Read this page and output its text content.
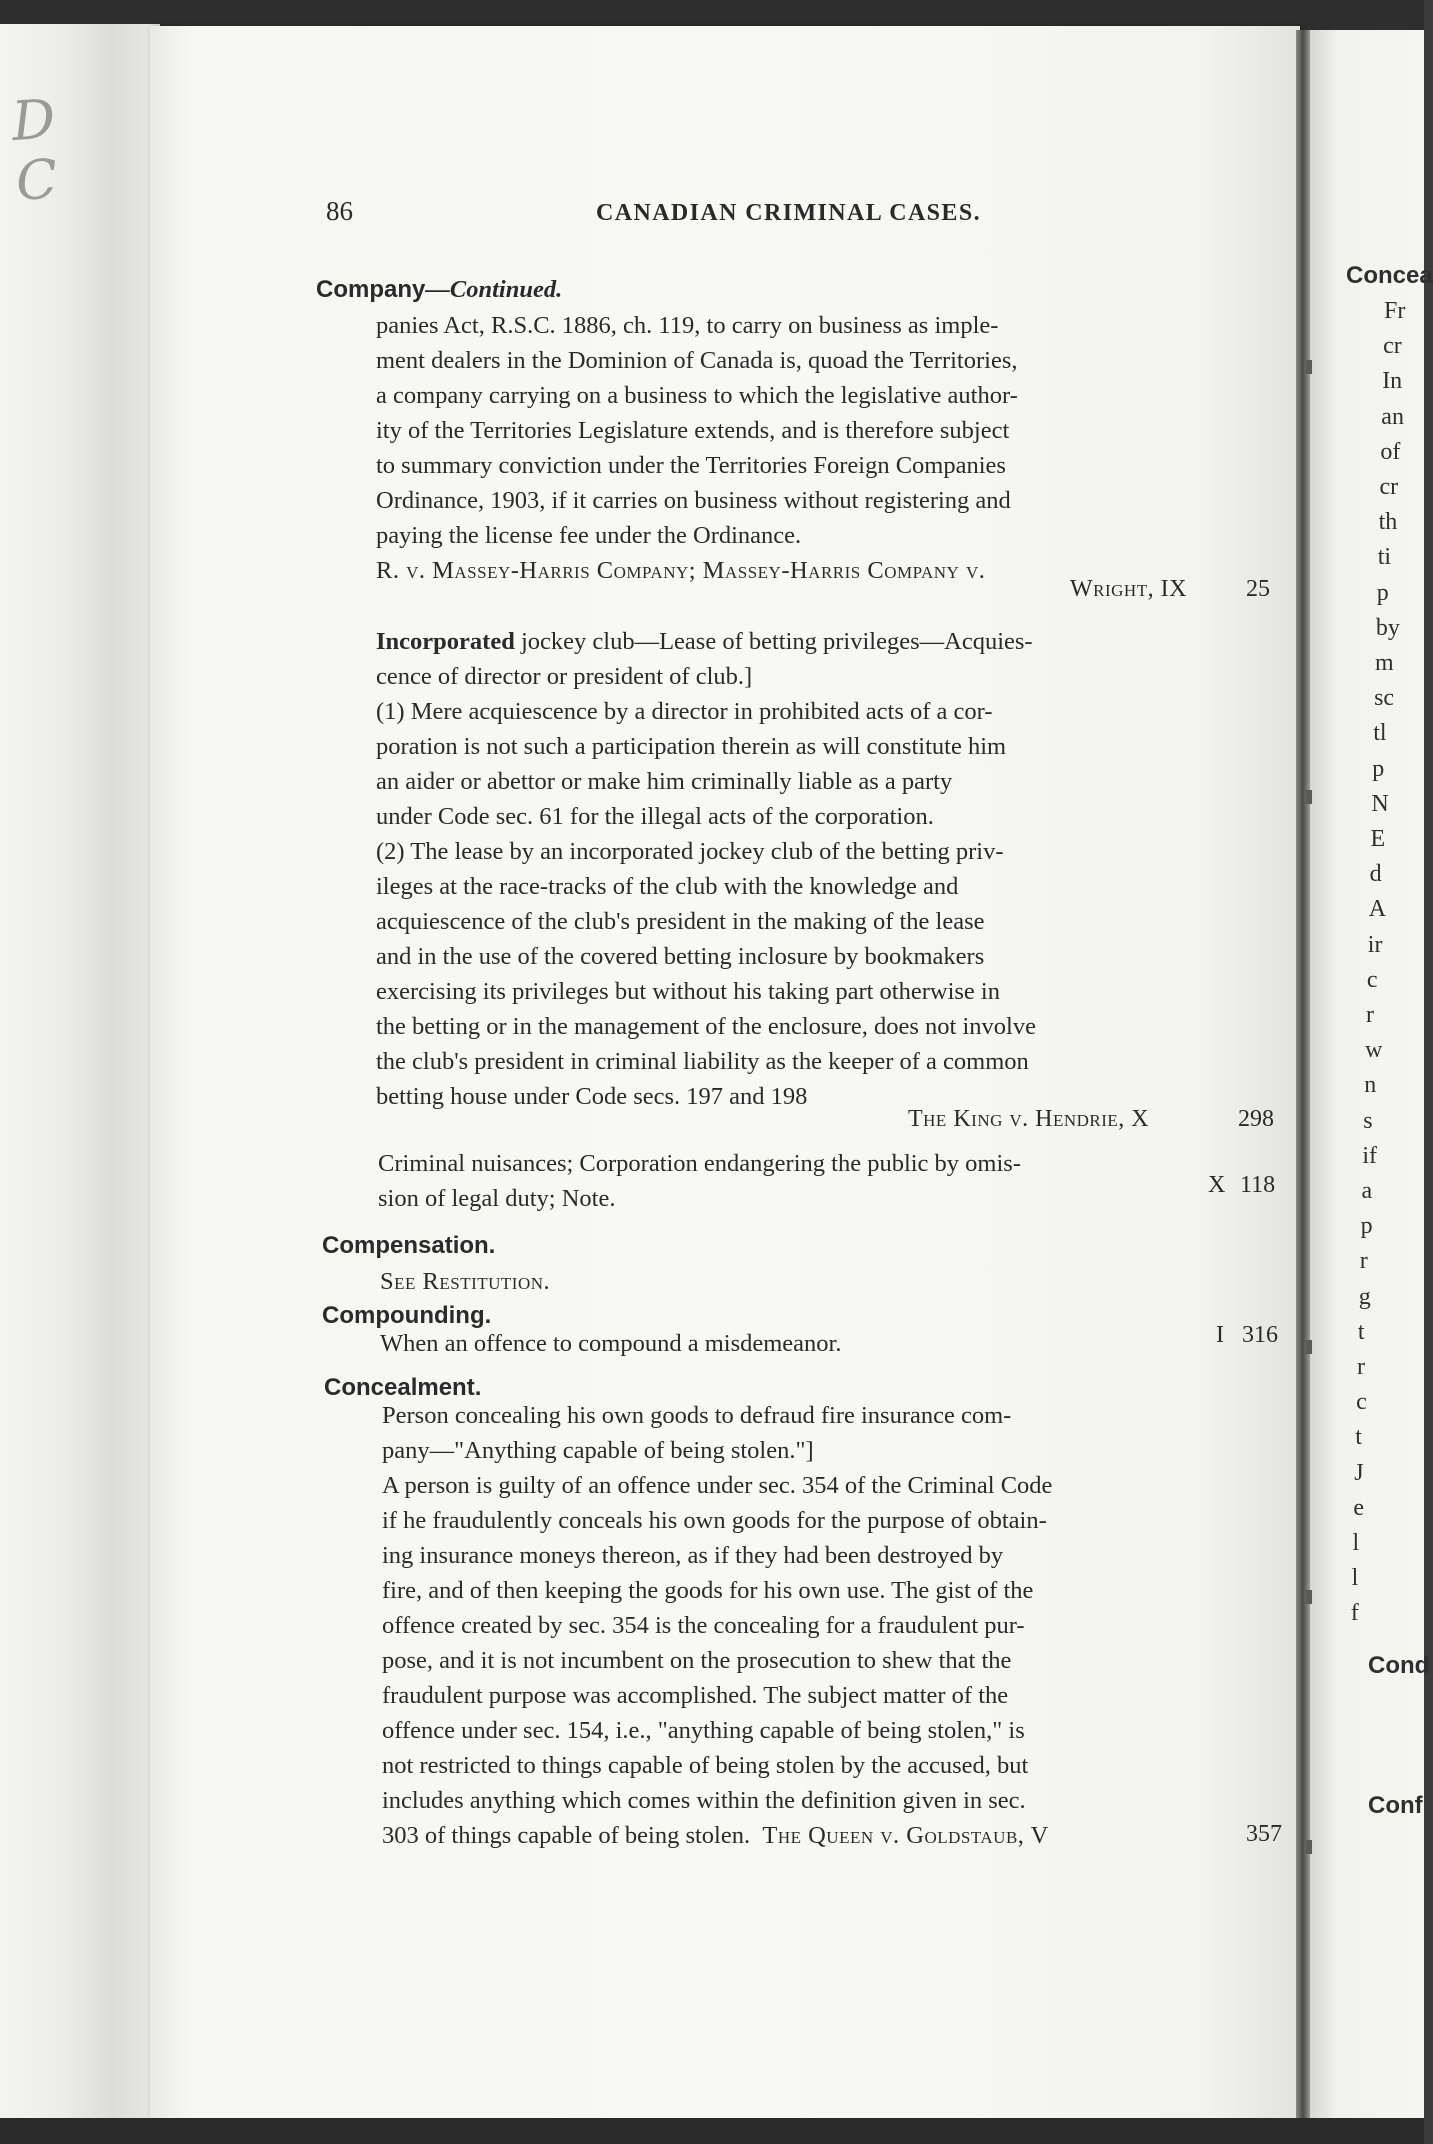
D
C	86	CANADIAN CRIMINAL CASES.
Company—Continued.
panies Act, R.S.C. 1886, ch. 119, to carry on business as imple-
ment dealers in the Dominion of Canada is, quoad the Territories,
a company carrying on a business to which the legislative author-
ity of the Territories Legislature extends, and is therefore subject
to summary conviction under the Territories Foreign Companies
Ordinance, 1903, if it carries on business without registering and
paying the license fee under the Ordinance.
R. v. Massey-Harris Company; Massey-Harris Company v.
Wright, IX 25
Incorporated jockey club—Lease of betting privileges—Acquies-
cence of director or president of club.]
(1) Mere acquiescence by a director in prohibited acts of a cor-
poration is not such a participation therein as will constitute him
an aider or abettor or make him criminally liable as a party
under Code sec. 61 for the illegal acts of the corporation.
(2) The lease by an incorporated jockey club of the betting priv-
ileges at the race-tracks of the club with the knowledge and
acquiescence of the club's president in the making of the lease
and in the use of the covered betting inclosure by bookmakers
exercising its privileges but without his taking part otherwise in
the betting or in the management of the enclosure, does not involve
the club's president in criminal liability as the keeper of a common
betting house under Code secs. 197 and 198
The King v. Hendrie, X	298
Criminal nuisances; Corporation endangering the public by omis-
sion of legal duty; Note.	X 118
Compensation.
See Restitution.
Compounding.
When an offence to compound a misdemeanor.	I 316
Concealment.
Person concealing his own goods to defraud fire insurance com-
pany—"Anything capable of being stolen."]
A person is guilty of an offence under sec. 354 of the Criminal Code
if he fraudulently conceals his own goods for the purpose of obtain-
ing insurance moneys thereon, as if they had been destroyed by
fire, and of then keeping the goods for his own use. The gist of the
offence created by sec. 354 is the concealing for a fraudulent pur-
pose, and it is not incumbent on the prosecution to shew that the
fraudulent purpose was accomplished. The subject matter of the
offence under sec. 154, i.e., "anything capable of being stolen," is
not restricted to things capable of being stolen by the accused, but
includes anything which comes within the definition given in sec.
303 of things capable of being stolen. The Queen v. Goldstaub, V	357
Concea
Fr
cr
In
an
of
cr
th
ti
p
by
m
sc
tl
p
N
E
d
A
ir
c
r
w
n
s
if
a
p
r
g
t
r
c
t
J
e
l
l
f
Cond
Conf
